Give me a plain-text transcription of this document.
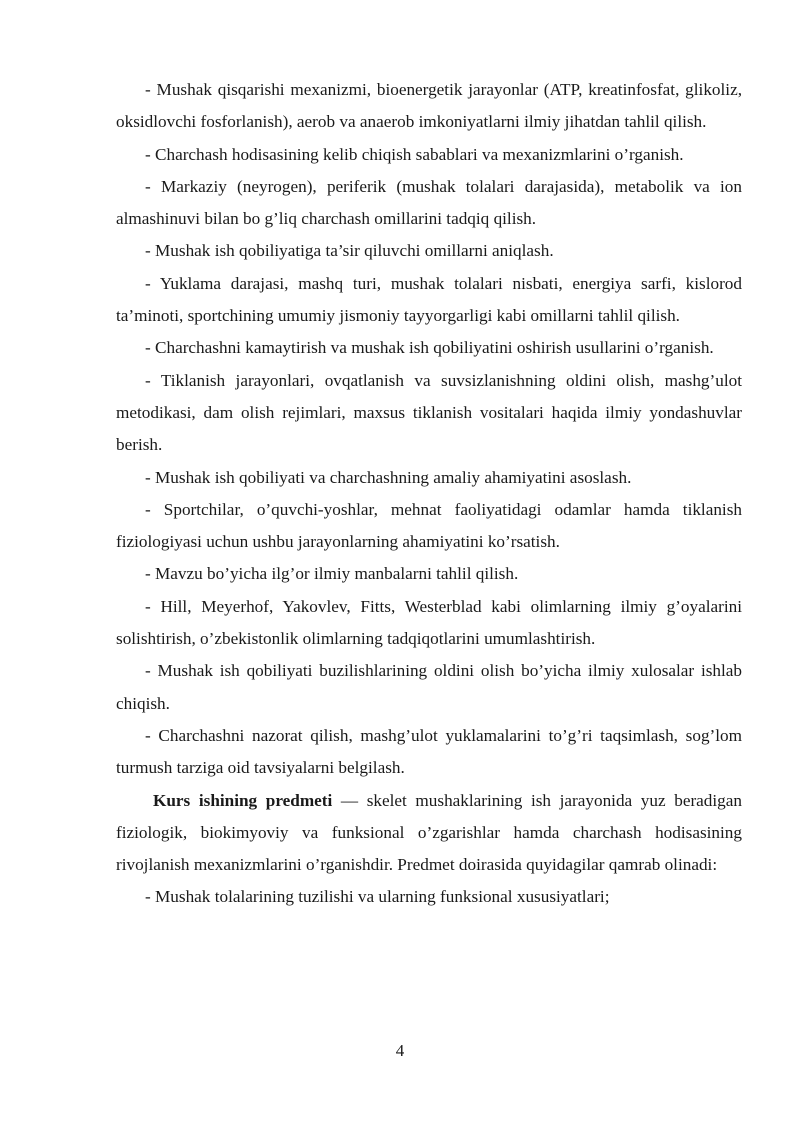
- Mushak qisqarishi mexanizmi, bioenergetik jarayonlar (ATP, kreatinfosfat, glikoliz, oksidlovchi fosforlanish), aerob va anaerob imkoniyatlarni ilmiy jihatdan tahlil qilish.

- Charchash hodisasining kelib chiqish sabablari va mexanizmlarini o’rganish.

- Markaziy (neyrogen), periferik (mushak tolalari darajasida), metabolik va ion almashinuvi bilan bo g’liq charchash omillarini tadqiq qilish.

- Mushak ish qobiliyatiga ta’sir qiluvchi omillarni aniqlash.

- Yuklama darajasi, mashq turi, mushak tolalari nisbati, energiya sarfi, kislorod ta’minoti, sportchining umumiy jismoniy tayyorgarligi kabi omillarni tahlil qilish.

- Charchashni kamaytirish va mushak ish qobiliyatini oshirish usullarini o’rganish.

- Tiklanish jarayonlari, ovqatlanish va suvsizlanishning oldini olish, mashg’ulot metodikasi, dam olish rejimlari, maxsus tiklanish vositalari haqida ilmiy yondashuvlar berish.

- Mushak ish qobiliyati va charchashning amaliy ahamiyatini asoslash.

- Sportchilar, o’quvchi-yoshlar, mehnat faoliyatidagi odamlar hamda tiklanish fiziologiyasi uchun ushbu jarayonlarning ahamiyatini ko’rsatish.

- Mavzu bo’yicha ilg’or ilmiy manbalarni tahlil qilish.

- Hill, Meyerhof, Yakovlev, Fitts, Westerblad kabi olimlarning ilmiy g’oyalarini solishtirish, o’zbekistonlik olimlarning tadqiqotlarini umumlashtirish.

- Mushak ish qobiliyati buzilishlarining oldini olish bo’yicha ilmiy xulosalar ishlab chiqish.

- Charchashni nazorat qilish, mashg’ulot yuklamalarini to’g’ri taqsimlash, sog’lom turmush tarziga oid tavsiyalarni belgilash.

Kurs ishining predmeti — skelet mushaklarining ish jarayonida yuz beradigan fiziologik, biokimyoviy va funksional o’zgarishlar hamda charchash hodisasining rivojlanish mexanizmlarini o’rganishdir. Predmet doirasida quyidagilar qamrab olinadi:

- Mushak tolalarining tuzilishi va ularning funksional xususiyatlari;

4
